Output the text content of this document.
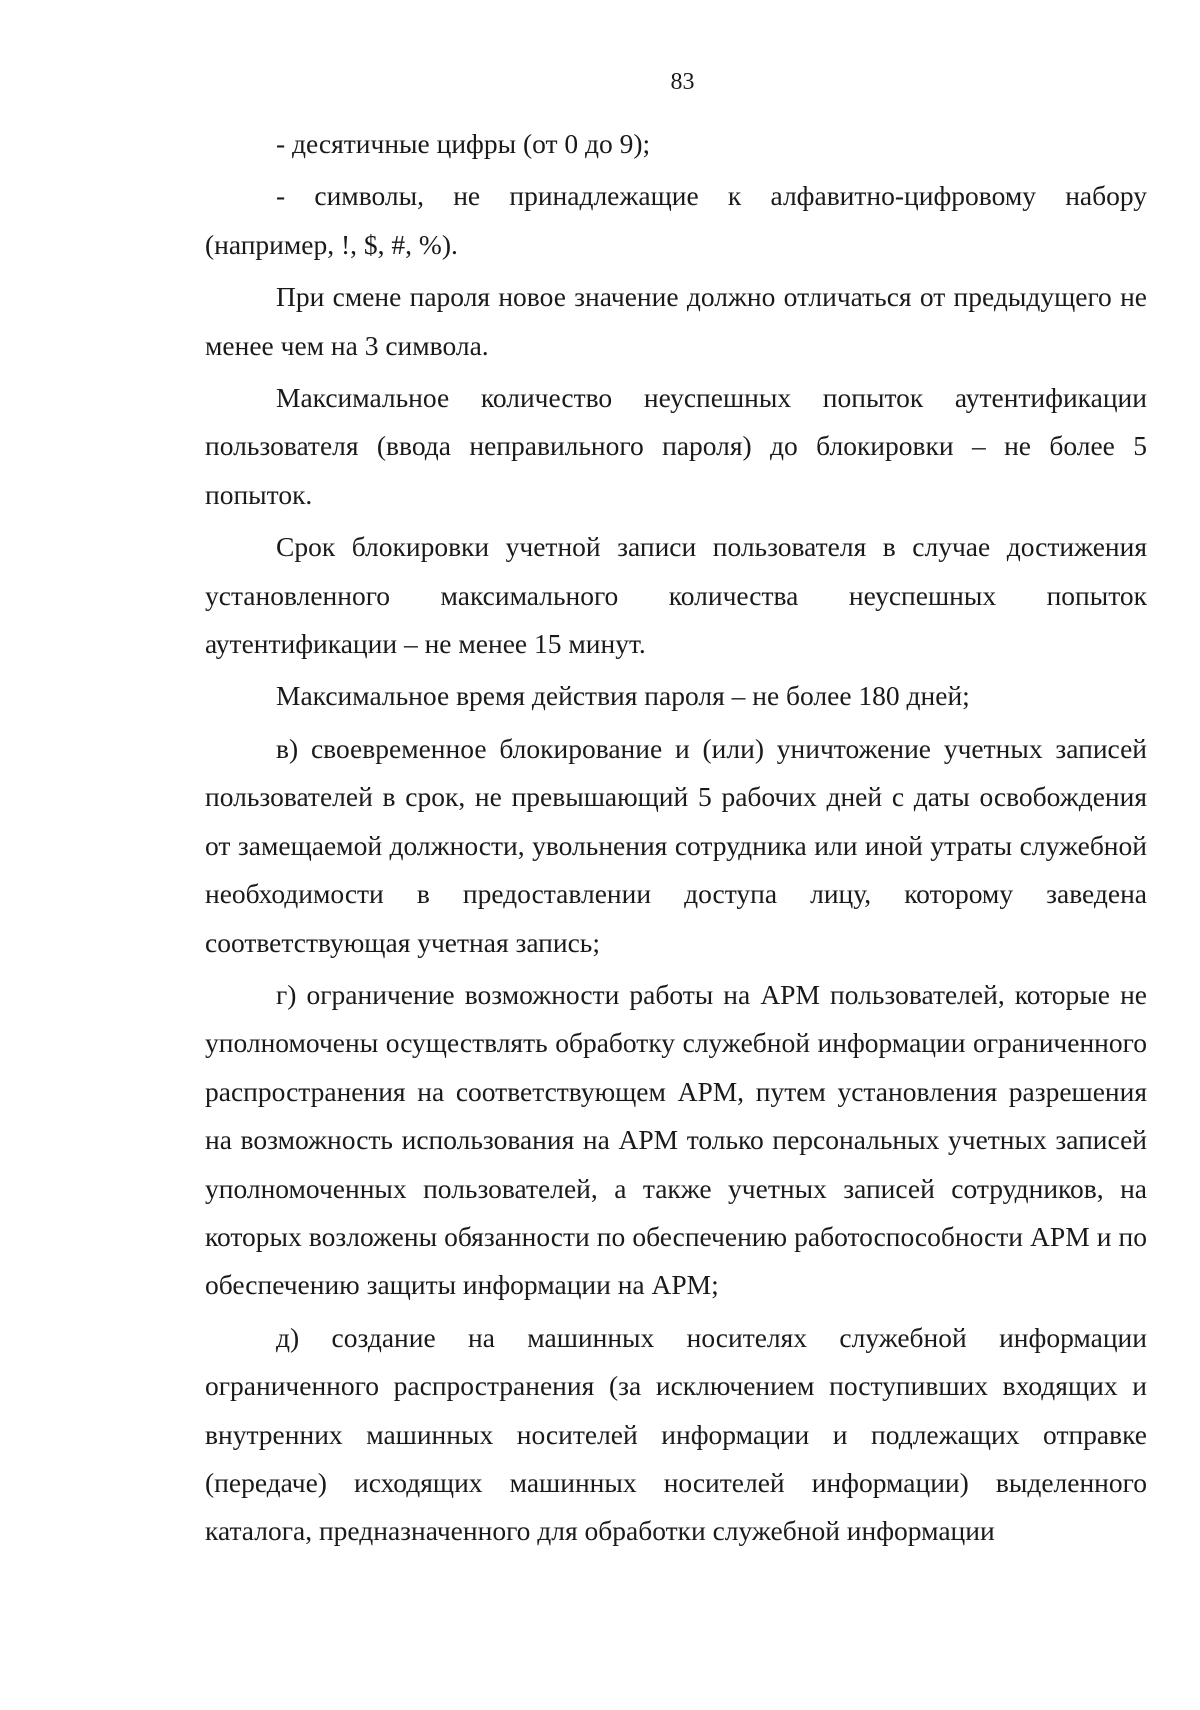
83

- десятичные цифры (от 0 до 9);

- символы, не принадлежащие к алфавитно-цифровому набору (например, !, $, #, %).

При смене пароля новое значение должно отличаться от предыдущего не менее чем на 3 символа.

Максимальное количество неуспешных попыток аутентификации пользователя (ввода неправильного пароля) до блокировки – не более 5 попыток.

Срок блокировки учетной записи пользователя в случае достижения установленного максимального количества неуспешных попыток аутентификации – не менее 15 минут.

Максимальное время действия пароля – не более 180 дней;

в) своевременное блокирование и (или) уничтожение учетных записей пользователей в срок, не превышающий 5 рабочих дней с даты освобождения от замещаемой должности, увольнения сотрудника или иной утраты служебной необходимости в предоставлении доступа лицу, которому заведена соответствующая учетная запись;

г) ограничение возможности работы на АРМ пользователей, которые не уполномочены осуществлять обработку служебной информации ограниченного распространения на соответствующем АРМ, путем установления разрешения на возможность использования на АРМ только персональных учетных записей уполномоченных пользователей, а также учетных записей сотрудников, на которых возложены обязанности по обеспечению работоспособности АРМ и по обеспечению защиты информации на АРМ;

д) создание на машинных носителях служебной информации ограниченного распространения (за исключением поступивших входящих и внутренних машинных носителей информации и подлежащих отправке (передаче) исходящих машинных носителей информации) выделенного каталога, предназначенного для обработки служебной информации
